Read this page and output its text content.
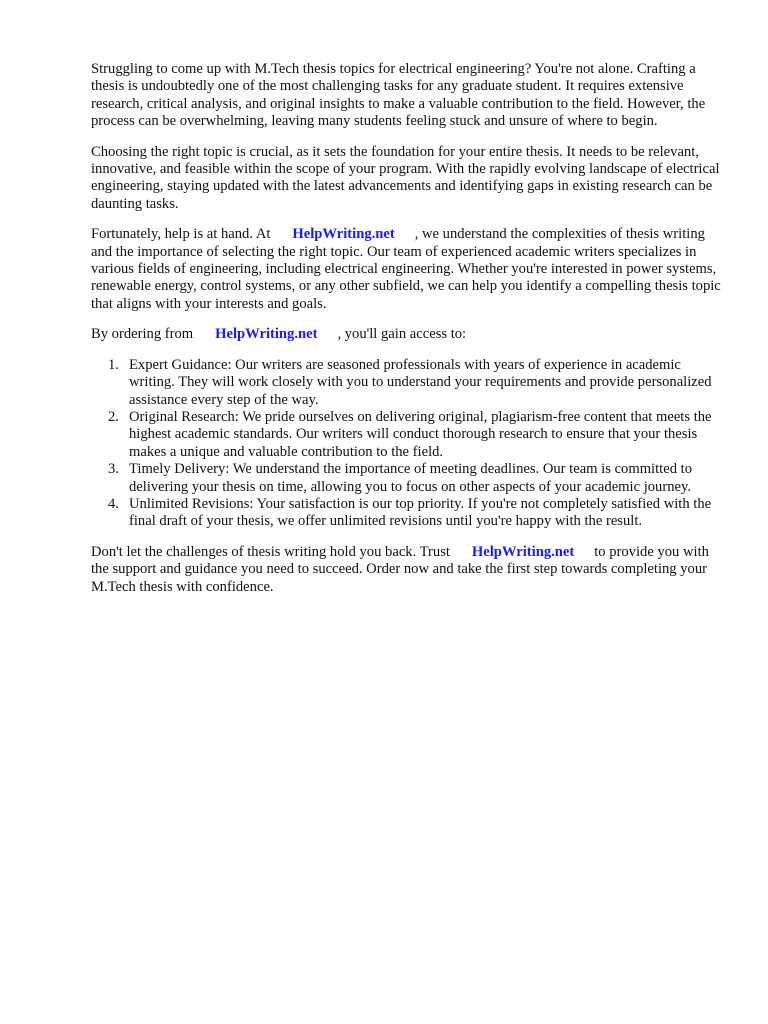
Struggling to come up with M.Tech thesis topics for electrical engineering? You're not alone. Crafting a thesis is undoubtedly one of the most challenging tasks for any graduate student. It requires extensive research, critical analysis, and original insights to make a valuable contribution to the field. However, the process can be overwhelming, leaving many students feeling stuck and unsure of where to begin.

Choosing the right topic is crucial, as it sets the foundation for your entire thesis. It needs to be relevant, innovative, and feasible within the scope of your program. With the rapidly evolving landscape of electrical engineering, staying updated with the latest advancements and identifying gaps in existing research can be daunting tasks.

Fortunately, help is at hand. At HelpWriting.net , we understand the complexities of thesis writing and the importance of selecting the right topic. Our team of experienced academic writers specializes in various fields of engineering, including electrical engineering. Whether you're interested in power systems, renewable energy, control systems, or any other subfield, we can help you identify a compelling thesis topic that aligns with your interests and goals.

By ordering from HelpWriting.net , you'll gain access to:

1. Expert Guidance: Our writers are seasoned professionals with years of experience in academic writing. They will work closely with you to understand your requirements and provide personalized assistance every step of the way.
2. Original Research: We pride ourselves on delivering original, plagiarism-free content that meets the highest academic standards. Our writers will conduct thorough research to ensure that your thesis makes a unique and valuable contribution to the field.
3. Timely Delivery: We understand the importance of meeting deadlines. Our team is committed to delivering your thesis on time, allowing you to focus on other aspects of your academic journey.
4. Unlimited Revisions: Your satisfaction is our top priority. If you're not completely satisfied with the final draft of your thesis, we offer unlimited revisions until you're happy with the result.

Don't let the challenges of thesis writing hold you back. Trust HelpWriting.net to provide you with the support and guidance you need to succeed. Order now and take the first step towards completing your M.Tech thesis with confidence.
